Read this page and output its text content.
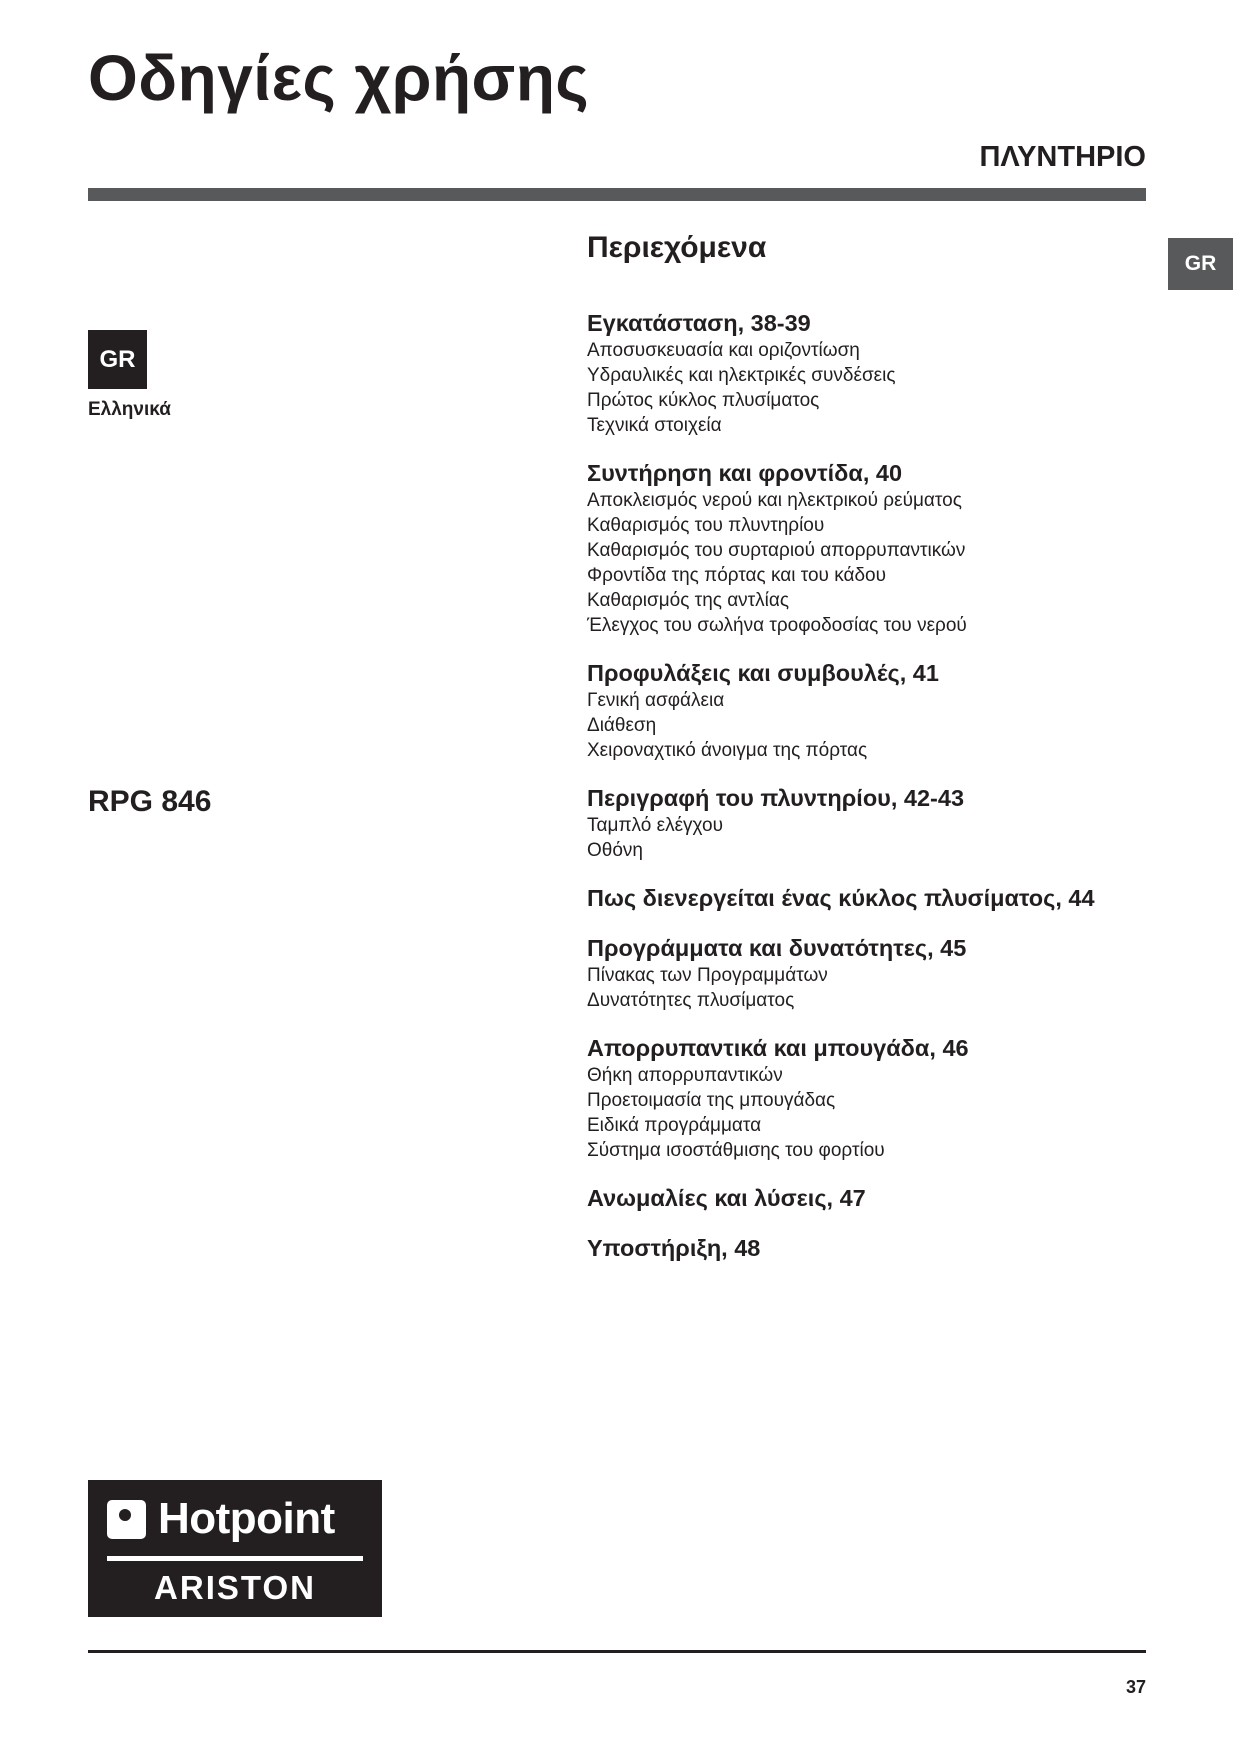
Οδηγίες χρήσης
ΠΛΥΝΤΗΡΙΟ
GR
GR
Ελληνικά
RPG 846
Περιεχόμενα
Εγκατάσταση, 38-39
Αποσυσκευασία και οριζοντίωση
Υδραυλικές και ηλεκτρικές συνδέσεις
Πρώτος κύκλος πλυσίματος
Τεχνικά στοιχεία
Συντήρηση και φροντίδα, 40
Αποκλεισμός νερού και ηλεκτρικού ρεύματος
Καθαρισμός του πλυντηρίου
Καθαρισμός του συρταριού απορρυπαντικών
Φροντίδα της πόρτας και του κάδου
Καθαρισμός της αντλίας
Έλεγχος του σωλήνα τροφοδοσίας του νερού
Προφυλάξεις και συμβουλές, 41
Γενική ασφάλεια
Διάθεση
Χειροναχτικό άνοιγμα της πόρτας
Περιγραφή του πλυντηρίου, 42-43
Ταμπλό ελέγχου
Οθόνη
Πως διενεργείται ένας κύκλος πλυσίματος, 44
Προγράμματα και δυνατότητες, 45
Πίνακας των Προγραμμάτων
Δυνατότητες πλυσίματος
Απορρυπαντικά και μπουγάδα, 46
Θήκη απορρυπαντικών
Προετοιμασία της μπουγάδας
Ειδικά προγράμματα
Σύστημα ισοστάθμισης του φορτίου
Ανωμαλίες και λύσεις, 47
Υποστήριξη, 48
Hotpoint
ARISTON
37
